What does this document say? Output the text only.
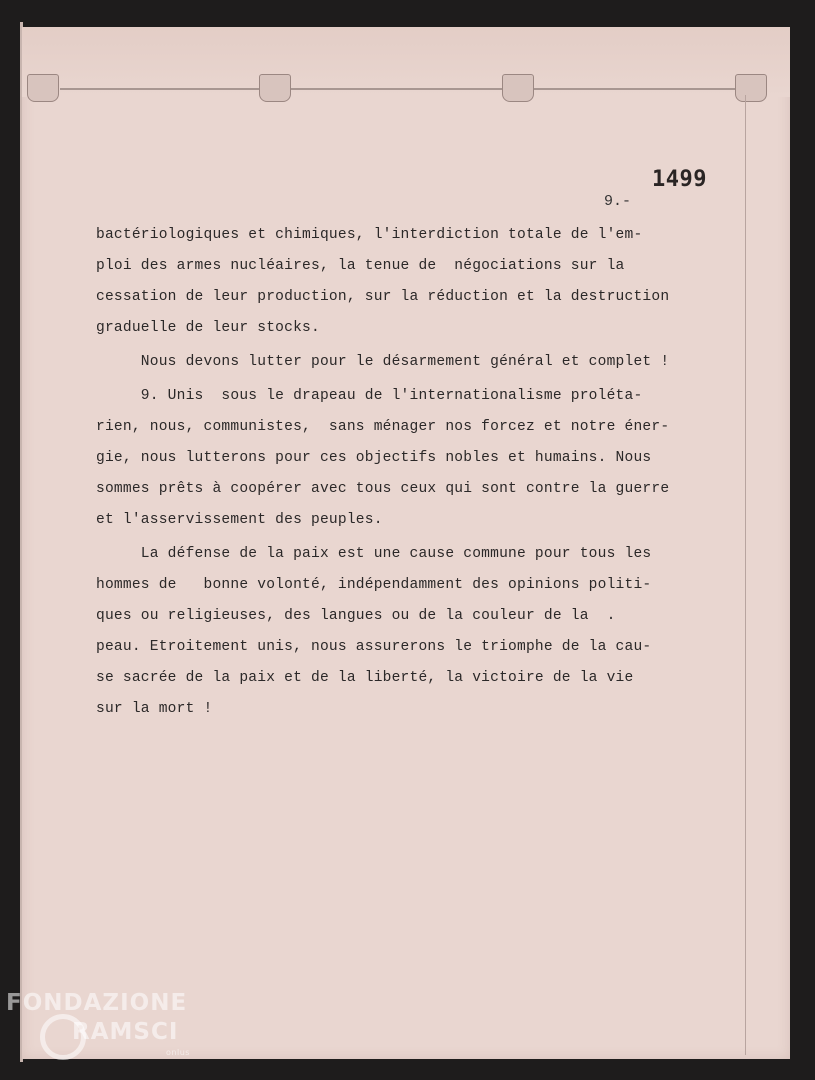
1499
9.-
bactériologiques et chimiques, l'interdiction totale de l'em-
ploi des armes nucléaires, la tenue de  négociations sur la
cessation de leur production, sur la réduction et la destruction
graduelle de leur stocks.
Nous devons lutter pour le désarmement général et complet !
9. Unis  sous le drapeau de l'internationalisme proléta-
rien, nous, communistes,  sans ménager nos forcez et notre éner-
gie, nous lutterons pour ces objectifs nobles et humains. Nous
sommes prêts à coopérer avec tous ceux qui sont contre la guerre
et l'asservissement des peuples.
La défense de la paix est une cause commune pour tous les
hommes de   bonne volonté, indépendamment des opinions politi-
ques ou religieuses, des langues ou de la couleur de la  .
peau. Etroitement unis, nous assurerons le triomphe de la cau-
se sacrée de la paix et de la liberté, la victoire de la vie
sur la mort !
FONDAZIONE
RAMSCI
onlus
